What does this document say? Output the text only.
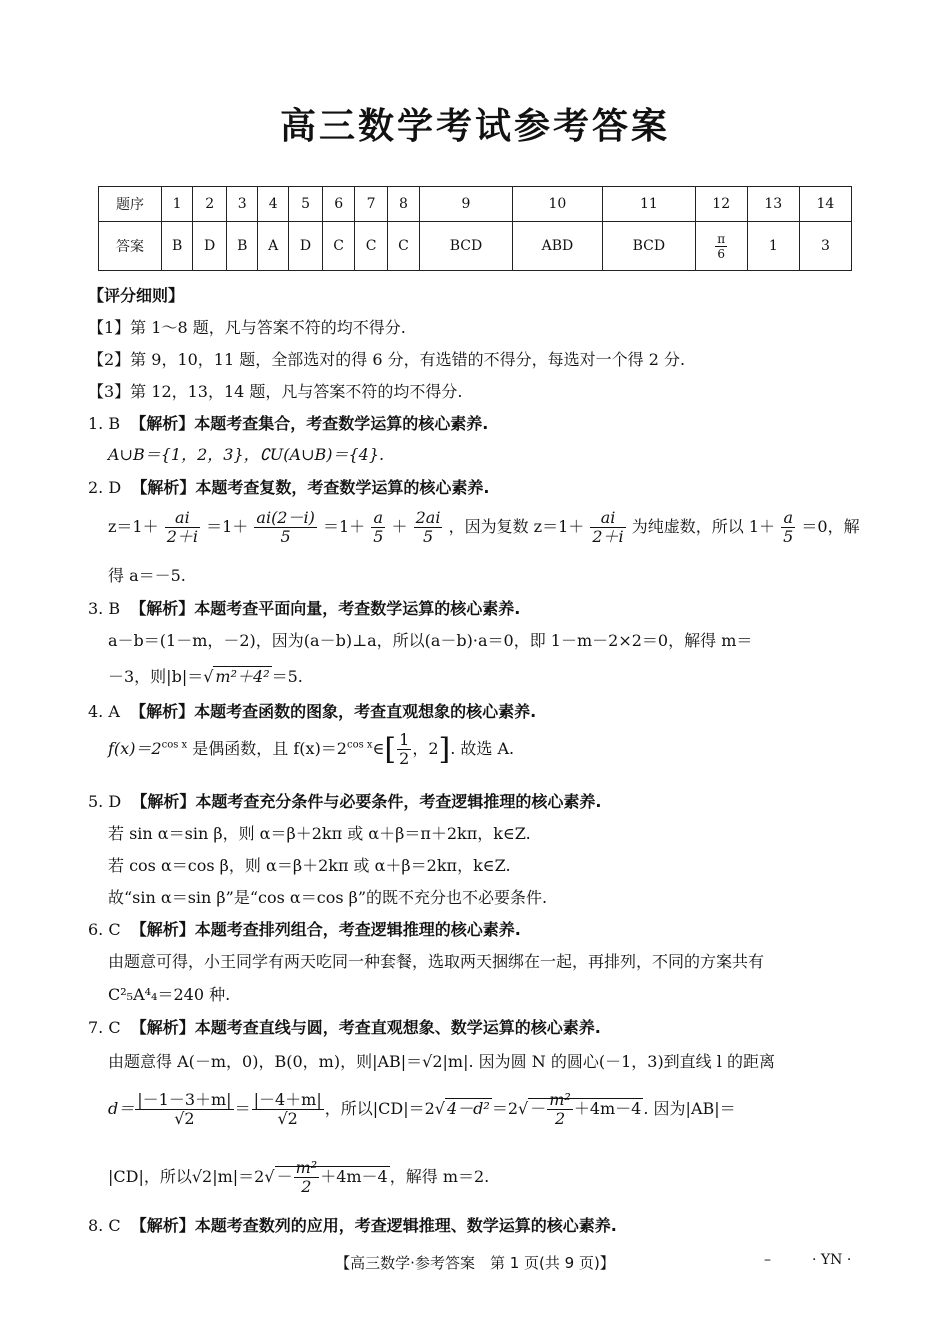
高三数学考试参考答案
题序	1	2	3	4	5	6	7	8	9	10	11	12	13	14
答案	B	D	B	A	D	C	C	C	BCD	ABD	BCD	$\frac{\pi}{6}$	1	3
【评分细则】
【1】第 1～8 题，凡与答案不符的均不得分.
【2】第 9，10，11 题，全部选对的得 6 分，有选错的不得分，每选对一个得 2 分.
【3】第 12，13，14 题，凡与答案不符的均不得分.
1. B 【解析】本题考查集合，考查数学运算的核心素养.
A∪B＝{1，2，3}，∁U(A∪B)＝{4}.
2. D 【解析】本题考查复数，考查数学运算的核心素养.
$z=1+ \frac{ai}{2+i} =1+ \frac{ai(2-i)}{5} =1+ \frac{a}{5} + \frac{2ai}{5}$ ，因为复数 $z=1+ \frac{ai}{2+i}$ 为纯虚数，所以 $1+ \frac{a}{5} =0$，解
得 a＝－5.
3. B 【解析】本题考查平面向量，考查数学运算的核心素养.
a－b＝(1－m，－2)，因为(a－b)⊥a，所以(a－b)·a＝0，即 1－m－2×2＝0，解得 m＝
－3，则|b|＝√ m²＋4² ＝5.
4. A 【解析】本题考查函数的图象，考查直观想象的核心素养.
$f(x)=2^{cos x}$ 是偶函数，且 $f(x)=2^{cos x}\in[ \frac{1}{2}$ ，2]. 故选 A.
5. D 【解析】本题考查充分条件与必要条件，考查逻辑推理的核心素养.
若 sin α＝sin β，则 α＝β＋2kπ 或 α＋β＝π＋2kπ，k∈Z.
若 cos α＝cos β，则 α＝β＋2kπ 或 α＋β＝2kπ，k∈Z.
故“sin α＝sin β”是“cos α＝cos β”的既不充分也不必要条件.
6. C 【解析】本题考查排列组合，考查逻辑推理的核心素养.
由题意可得，小王同学有两天吃同一种套餐，选取两天捆绑在一起，再排列，不同的方案共有
C²₅A⁴₄＝240 种.
7. C 【解析】本题考查直线与圆，考查直观想象、数学运算的核心素养.
由题意得 A(－m，0)，B(0，m)，则|AB|＝√2|m|. 因为圆 N 的圆心(－1，3)到直线 l 的距离
$d= \frac{|-1-3+m|}{√2} = \frac{|-4+m|}{√2}$ ，所以|CD|＝2√ $4-d^2 =2√ - \frac{\text{m²}}{2} +4m-4$ . 因为|AB|＝
|CD|，所以$√2|m|=2√ - \frac{\text{m²}}{2} +4m-4$ ，解得 m＝2.
8. C 【解析】本题考查数列的应用，考查逻辑推理、数学运算的核心素养.
【高三数学·参考答案　第 1 页(共 9 页)】	–	· YN ·
